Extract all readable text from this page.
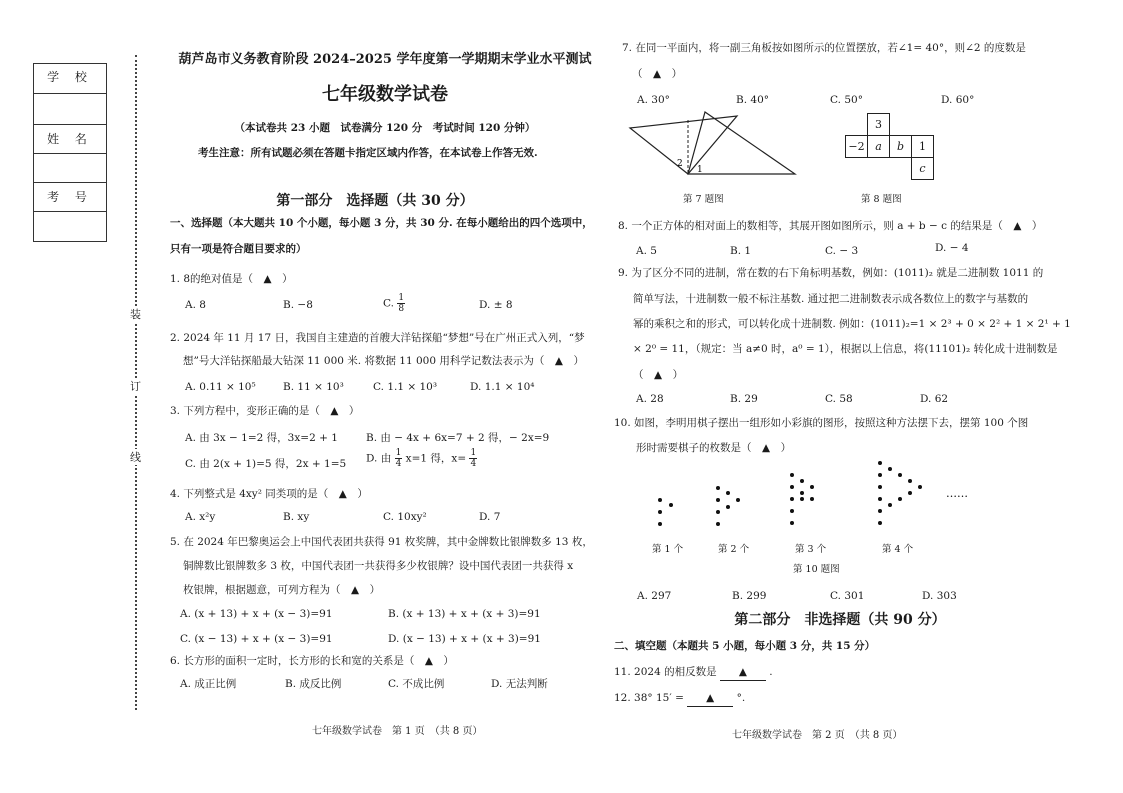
学 校
姓 名
考 号
装
订
线
葫芦岛市义务教育阶段 2024–2025 学年度第一学期期末学业水平测试
七年级数学试卷
（本试卷共 23 小题　试卷满分 120 分　考试时间 120 分钟）
考生注意：所有试题必须在答题卡指定区域内作答，在本试卷上作答无效.
第一部分　选择题（共 30 分）
一、选择题（本大题共 10 个小题，每小题 3 分，共 30 分. 在每小题给出的四个选项中，
只有一项是符合题目要求的）
1. 8的绝对值是（　▲　）
A. 8	B. −8	C. $\frac{1}{8}$	D. ± 8
2. 2024 年 11 月 17 日，我国自主建造的首艘大洋钻探船“梦想”号在广州正式入列，“梦
想”号大洋钻探船最大钻深 11 000 米. 将数据 11 000 用科学记数法表示为（　▲　）
A. 0.11 × 10⁵	B. 11 × 10³	C. 1.1 × 10³	D. 1.1 × 10⁴
3. 下列方程中，变形正确的是（　▲　）
A. 由 3x − 1=2 得，3x=2 + 1	B. 由 − 4x + 6x=7 + 2 得，− 2x=9
C. 由 2(x + 1)=5 得，2x + 1=5 D. 由 $\frac{1}{4} x=1$ 得，$x= \frac{1}{4}$
4. 下列整式是 4xy² 同类项的是（　▲　）
A. x²y	B. xy	C. 10xy²	D. 7
5. 在 2024 年巴黎奥运会上中国代表团共获得 91 枚奖牌，其中金牌数比银牌数多 13 枚，
铜牌数比银牌数多 3 枚，中国代表团一共获得多少枚银牌？设中国代表团一共获得 x
枚银牌，根据题意，可列方程为（　▲　）
A. (x + 13) + x + (x − 3)=91	B. (x + 13) + x + (x + 3)=91
C. (x − 13) + x + (x − 3)=91	D. (x − 13) + x + (x + 3)=91
6. 长方形的面积一定时，长方形的长和宽的关系是（　▲　）
A. 成正比例	B. 成反比例	C. 不成比例	D. 无法判断
七年级数学试卷　第 1 页　（共 8 页）
7. 在同一平面内，将一副三角板按如图所示的位置摆放，若∠1= 40°，则∠2 的度数是
（　▲　）
A. 30°	B. 40°	C. 50°	D. 60°
2
1
第 7 题图
3
−2 a	b	1
c
第 8 题图
8. 一个正方体的相对面上的数相等，其展开图如图所示，则 a + b − c 的结果是（　▲　）
A. 5	B. 1	C. − 3	D. − 4
9. 为了区分不同的进制，常在数的右下角标明基数，例如：(1011)₂ 就是二进制数 1011 的
简单写法，十进制数一般不标注基数. 通过把二进制数表示成各数位上的数字与基数的
幂的乘积之和的形式，可以转化成十进制数. 例如：(1011)₂=1 × 2³ + 0 × 2² + 1 × 2¹ + 1
× 2⁰ = 11，（规定：当 a≠0 时，a⁰ = 1），根据以上信息，将(11101)₂ 转化成十进制数是
（　▲　）
A. 28	B. 29	C. 58	D. 62
10. 如图，李明用棋子摆出一组形如小彩旗的图形，按照这种方法摆下去，摆第 100 个图
形时需要棋子的枚数是（　▲　）
……
第 1 个	第 2 个	第 3 个	第 4 个
第 10 题图
A. 297	B. 299	C. 301	D. 303
第二部分　非选择题（共 90 分）
二、填空题（本题共 5 小题，每小题 3 分，共 15 分）
11. 2024 的相反数是 ▲ .
12. 38° 15′ = ▲ °.
七年级数学试卷　第 2 页　（共 8 页）
